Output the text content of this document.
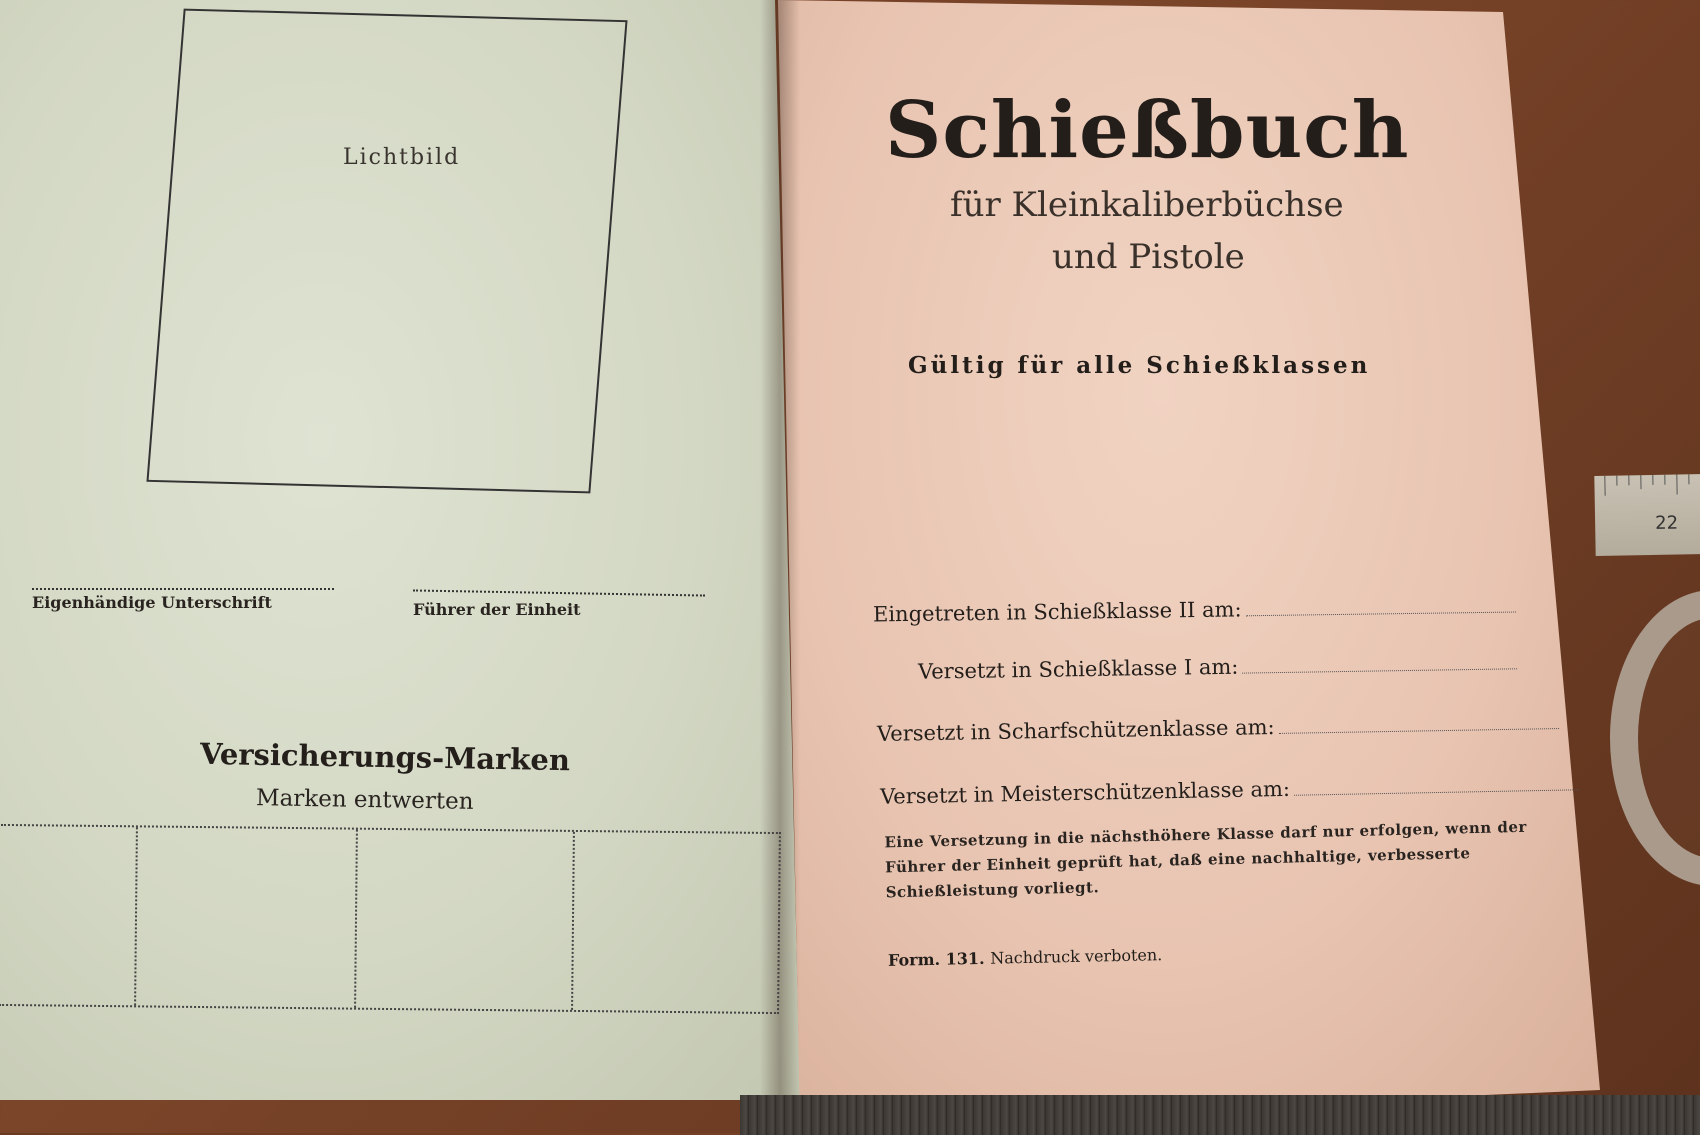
Lichtbild
Eigenhändige Unterschrift	Führer der Einheit
Versicherungs-Marken
Marken entwerten
Schießbuch
für Kleinkaliberbüchse
und Pistole
Gültig für alle Schießklassen
Eingetreten in Schießklasse II am:
Versetzt in Schießklasse I am:
Versetzt in Scharfschützenklasse am:
Versetzt in Meisterschützenklasse am:
Eine Versetzung in die nächsthöhere Klasse darf nur erfolgen, wenn der Führer der Einheit geprüft hat, daß eine nachhaltige, verbesserte Schießleistung vorliegt.
Form. 131. Nachdruck verboten.
22
